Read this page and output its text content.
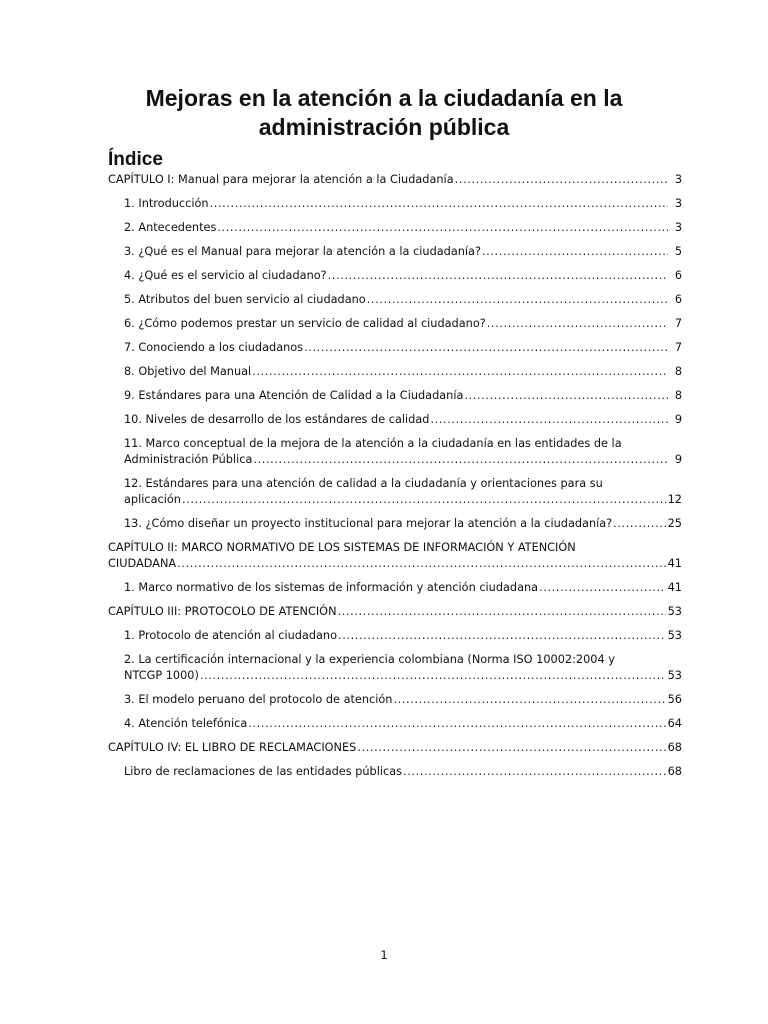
Mejoras en la atención a la ciudadanía en la
administración pública
Índice
CAPÍTULO I: Manual para mejorar la atención a la Ciudadanía .....	3
1. Introducción .....	3
2. Antecedentes .....	3
3. ¿Qué es el Manual para mejorar la atención a la ciudadanía? .....	5
4. ¿Qué es el servicio al ciudadano? .....	6
5. Atributos del buen servicio al ciudadano .....	6
6. ¿Cómo podemos prestar un servicio de calidad al ciudadano? .....	7
7. Conociendo a los ciudadanos .....	7
8. Objetivo del Manual .....	8
9. Estándares para una Atención de Calidad a la Ciudadanía .....	8
10. Niveles de desarrollo de los estándares de calidad .....	9
11. Marco conceptual de la mejora de la atención a la ciudadanía en las entidades de la
Administración Pública .....	9
12. Estándares para una atención de calidad a la ciudadanía y orientaciones para su
aplicación .....	12
13. ¿Cómo diseñar un proyecto institucional para mejorar la atención a la ciudadanía? .....	25
CAPÍTULO II: MARCO NORMATIVO DE LOS SISTEMAS DE INFORMACIÓN Y ATENCIÓN
CIUDADANA .....	41
1. Marco normativo de los sistemas de información y atención ciudadana .....	41
CAPÍTULO III: PROTOCOLO DE ATENCIÓN .....	53
1. Protocolo de atención al ciudadano .....	53
2. La certificación internacional y la experiencia colombiana (Norma ISO 10002:2004 y
NTCGP 1000) .....	53
3. El modelo peruano del protocolo de atención .....	56
4. Atención telefónica .....	64
CAPÍTULO IV: EL LIBRO DE RECLAMACIONES .....	68
Libro de reclamaciones de las entidades públicas .....	68
1
